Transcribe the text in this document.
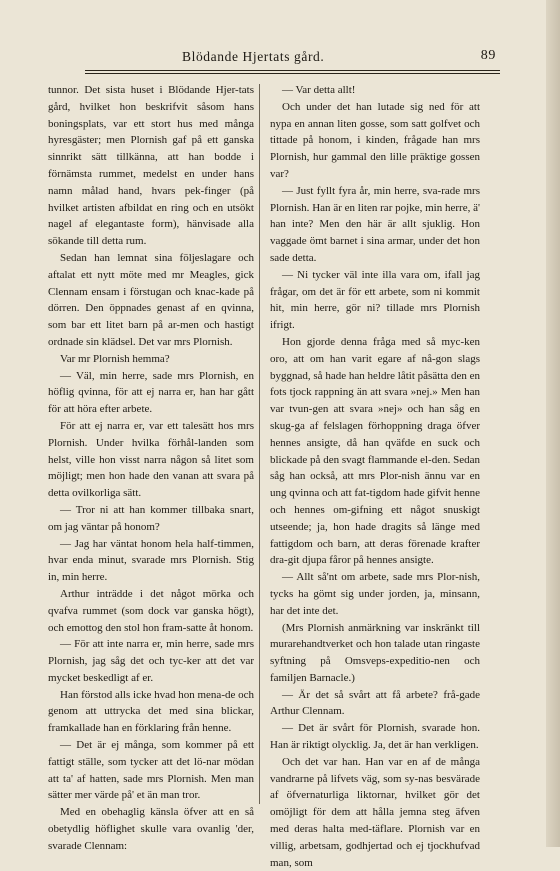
Blödande Hjertats gård.	89

tunnor. Det sista huset i Blödande Hjer-tats gård, hvilket hon beskrifvit såsom hans boningsplats, var ett stort hus med många hyresgäster; men Plornish gaf på ett ganska sinnrikt sätt tillkänna, att han bodde i förnämsta rummet, medelst en under hans namn målad hand, hvars pek-finger (på hvilket artisten afbildat en ring och en utsökt nagel af elegantaste form), hänvisade alla sökande till detta rum.

Sedan han lemnat sina följeslagare och aftalat ett nytt möte med mr Meagles, gick Clennam ensam i förstugan och knac-kade på dörren. Den öppnades genast af en qvinna, som bar ett litet barn på ar-men och hastigt ordnade sin klädsel. Det var mrs Plornish.

Var mr Plornish hemma?

— Väl, min herre, sade mrs Plornish, en höflig qvinna, för att ej narra er, han har gått för att höra efter arbete.

För att ej narra er, var ett talesätt hos mrs Plornish. Under hvilka förhål-landen som helst, ville hon visst narra någon så litet som möjligt; men hon hade den vanan att svara på detta ovilkorliga sätt.

— Tror ni att han kommer tillbaka snart, om jag väntar på honom?

— Jag har väntat honom hela half-timmen, hvar enda minut, svarade mrs Plornish. Stig in, min herre.

Arthur inträdde i det något mörka och qvafva rummet (som dock var ganska högt), och emottog den stol hon fram-satte åt honom.

— För att inte narra er, min herre, sade mrs Plornish, jag såg det och tyc-ker att det var mycket beskedligt af er.

Han förstod alls icke hvad hon mena-de och genom att uttrycka det med sina blickar, framkallade han en förklaring från henne.

— Det är ej många, som kommer på ett fattigt ställe, som tycker att det lö-nar mödan att ta' af hatten, sade mrs Plornish. Men man sätter mer värde på' et än man tror.

Med en obehaglig känsla öfver att en så obetydlig höflighet skulle vara ovanlig 'der, svarade Clennam:

— Var detta allt!

Och under det han lutade sig ned för att nypa en annan liten gosse, som satt golfvet och tittade på honom, i kinden, frågade han mrs Plornish, hur gammal den lille präktige gossen var?

— Just fyllt fyra år, min herre, sva-rade mrs Plornish. Han är en liten rar pojke, min herre, ä' han inte? Men den här är allt sjuklig. Hon vaggade ömt barnet i sina armar, under det hon sade detta.

— Ni tycker väl inte illa vara om, ifall jag frågar, om det är för ett arbete, som ni kommit hit, min herre, gör ni? tillade mrs Plornish ifrigt.

Hon gjorde denna fråga med så myc-ken oro, att om han varit egare af nå-gon slags byggnad, så hade han heldre låtit påsätta den en fots tjock rappning än att svara »nej.» Men han var tvun-gen att svara »nej» och han såg en skug-ga af felslagen förhoppning draga öfver hennes ansigte, då han qväfde en suck och blickade på den svagt flammande el-den. Sedan såg han också, att mrs Plor-nish ännu var en ung qvinna och att fat-tigdom hade gifvit henne och hennes om-gifning ett något snuskigt utseende; ja, hon hade dragits så länge med fattigdom och barn, att deras förenade krafter dra-git djupa fåror på hennes ansigte.

— Allt så'nt om arbete, sade mrs Plor-nish, tycks ha gömt sig under jorden, ja, minsann, har det inte det.

(Mrs Plornish anmärkning var inskränkt till murarehandtverket och hon talade utan ringaste syftning på Omsveps-expeditio-nen och familjen Barnacle.)

— Är det så svårt att få arbete? frå-gade Arthur Clennam.

— Det är svårt för Plornish, svarade hon. Han är riktigt olycklig. Ja, det är han verkligen.

Och det var han. Han var en af de många vandrarne på lifvets väg, som sy-nas besvärade af öfvernaturliga liktornar, hvilket gör det omöjligt för dem att hålla jemna steg äfven med deras halta med-täflare. Plornish var en villig, arbetsam, godhjertad och ej tjockhufvad man, som
